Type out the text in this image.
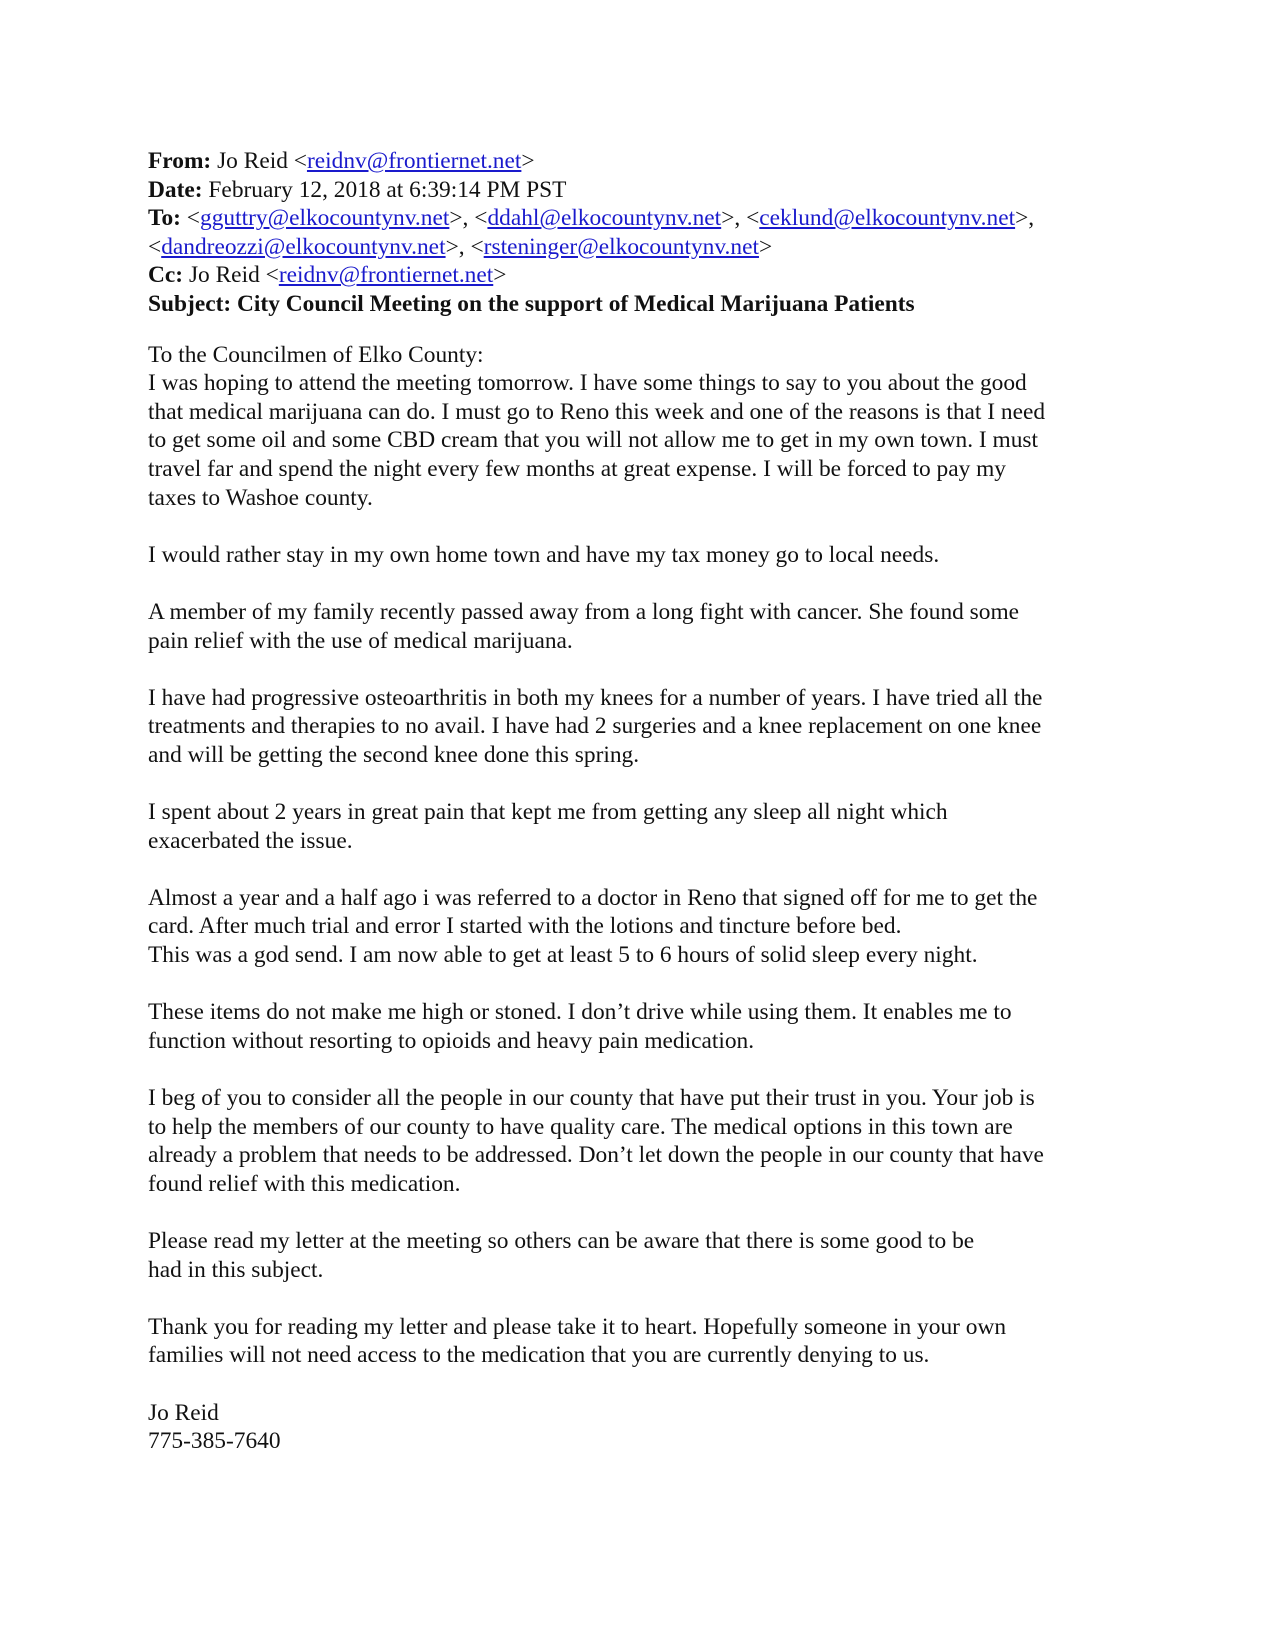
From: Jo Reid <reidnv@frontiernet.net>
Date: February 12, 2018 at 6:39:14 PM PST
To: <gguttry@elkocountynv.net>, <ddahl@elkocountynv.net>, <ceklund@elkocountynv.net>,
<dandreozzi@elkocountynv.net>, <rsteninger@elkocountynv.net>
Cc: Jo Reid <reidnv@frontiernet.net>
Subject: City Council Meeting on the support of Medical Marijuana Patients
To the Councilmen of Elko County:
I was hoping to attend the meeting tomorrow. I have some things to say to you about the good
that medical marijuana can do. I must go to Reno this week and one of the reasons is that I need
to get some oil and some CBD cream that you will not allow me to get in my own town. I must
travel far and spend the night every few months at great expense. I will be forced to pay my
taxes to Washoe county.
I would rather stay in my own home town and have my tax money go to local needs.
A member of my family recently passed away from a long fight with cancer. She found some
pain relief with the use of medical marijuana.
I have had progressive osteoarthritis in both my knees for a number of years. I have tried all the
treatments and therapies to no avail. I have had 2 surgeries and a knee replacement on one knee
and will be getting the second knee done this spring.
I spent about 2 years in great pain that kept me from getting any sleep all night which
exacerbated the issue.
Almost a year and a half ago i was referred to a doctor in Reno that signed off for me to get the
card. After much trial and error I started with the lotions and tincture before bed.
This was a god send. I am now able to get at least 5 to 6 hours of solid sleep every night.
These items do not make me high or stoned. I don’t drive while using them. It enables me to
function without resorting to opioids and heavy pain medication.
I beg of you to consider all the people in our county that have put their trust in you. Your job is
to help the members of our county to have quality care. The medical options in this town are
already a problem that needs to be addressed. Don’t let down the people in our county that have
found relief with this medication.
Please read my letter at the meeting so others can be aware that there is some good to be
had in this subject.
Thank you for reading my letter and please take it to heart. Hopefully someone in your own
families will not need access to the medication that you are currently denying to us.
Jo Reid
775-385-7640
